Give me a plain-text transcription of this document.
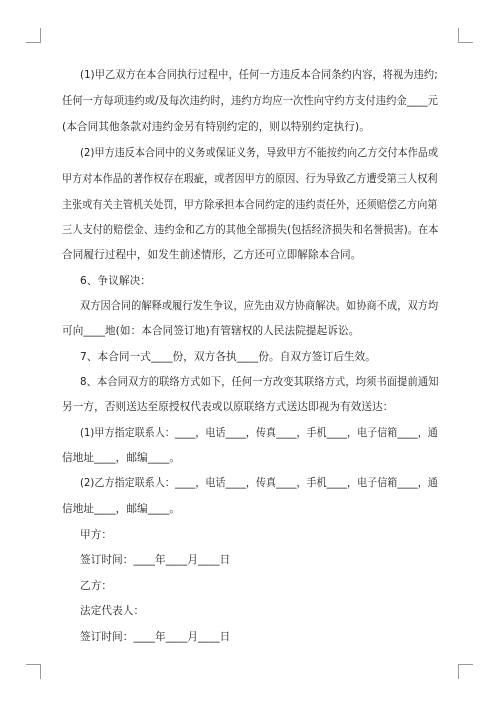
(1)甲乙双方在本合同执行过程中，任何一方违反本合同条约内容，将视为违约;
任何一方每项违约或/及每次违约时，违约方均应一次性向守约方支付违约金____元
(本合同其他条款对违约金另有特别约定的，则以特别约定执行)。
(2)甲方违反本合同中的义务或保证义务，导致甲方不能按约向乙方交付本作品或
甲方对本作品的著作权存在瑕疵，或者因甲方的原因、行为导致乙方遭受第三人权利
主张或有关主管机关处罚，甲方除承担本合同约定的违约责任外，还须赔偿乙方向第
三人支付的赔偿金、违约金和乙方的其他全部损失(包括经济损失和名誉损害)。在本
合同履行过程中，如发生前述情形，乙方还可立即解除本合同。
6、争议解决：
双方因合同的解释或履行发生争议，应先由双方协商解决。如协商不成，双方均
可向____地(如：本合同签订地)有管辖权的人民法院提起诉讼。
7、本合同一式____份，双方各执____份。自双方签订后生效。
8、本合同双方的联络方式如下，任何一方改变其联络方式，均须书面提前通知
另一方，否则送达至原授权代表或以原联络方式送达即视为有效送达：
(1)甲方指定联系人：____，电话____，传真____，手机____，电子信箱____，通
信地址____，邮编____。
(2)乙方指定联系人：____，电话____，传真____，手机____，电子信箱____，通
信地址____，邮编____。
甲方：
签订时间：____年____月____日
乙方：
法定代表人：
签订时间：____年____月____日
